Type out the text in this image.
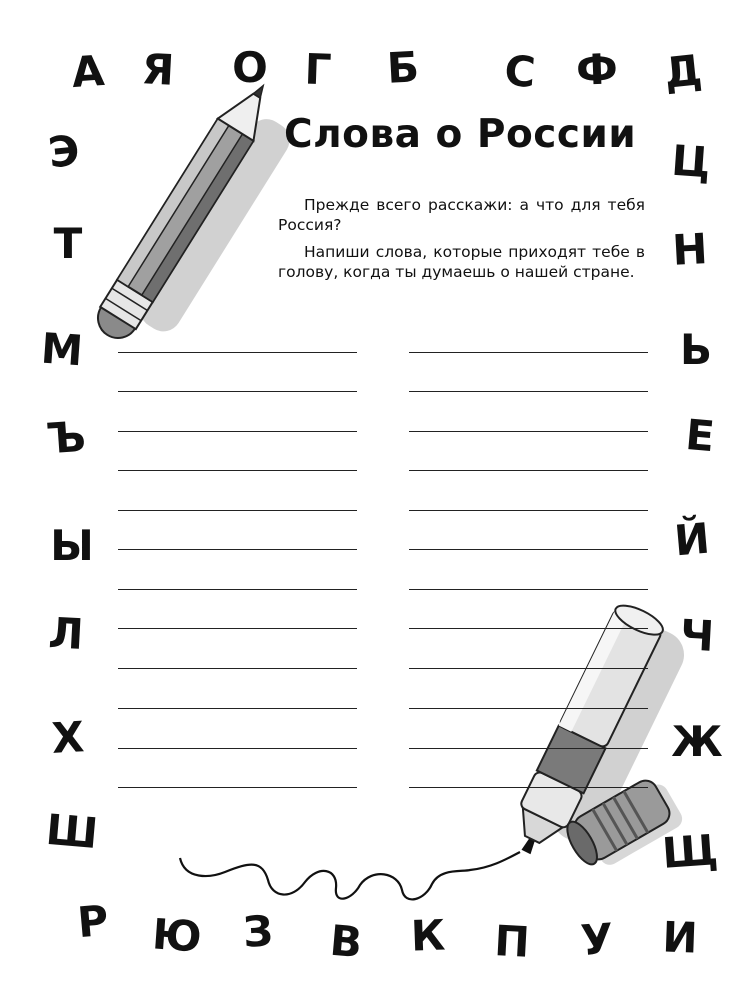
А Я О Г Б С Ф Д
Э
Т
М
Ъ
Ы
Л
Х
Ш
Ц
Н
Ь
Е
Й
Ч
Ж
Щ
Р Ю З В К П У И
Слова о России

Прежде всего расскажи: а что для тебя Россия?

Напиши слова, которые приходят тебе в голову, когда ты думаешь о нашей стране.
